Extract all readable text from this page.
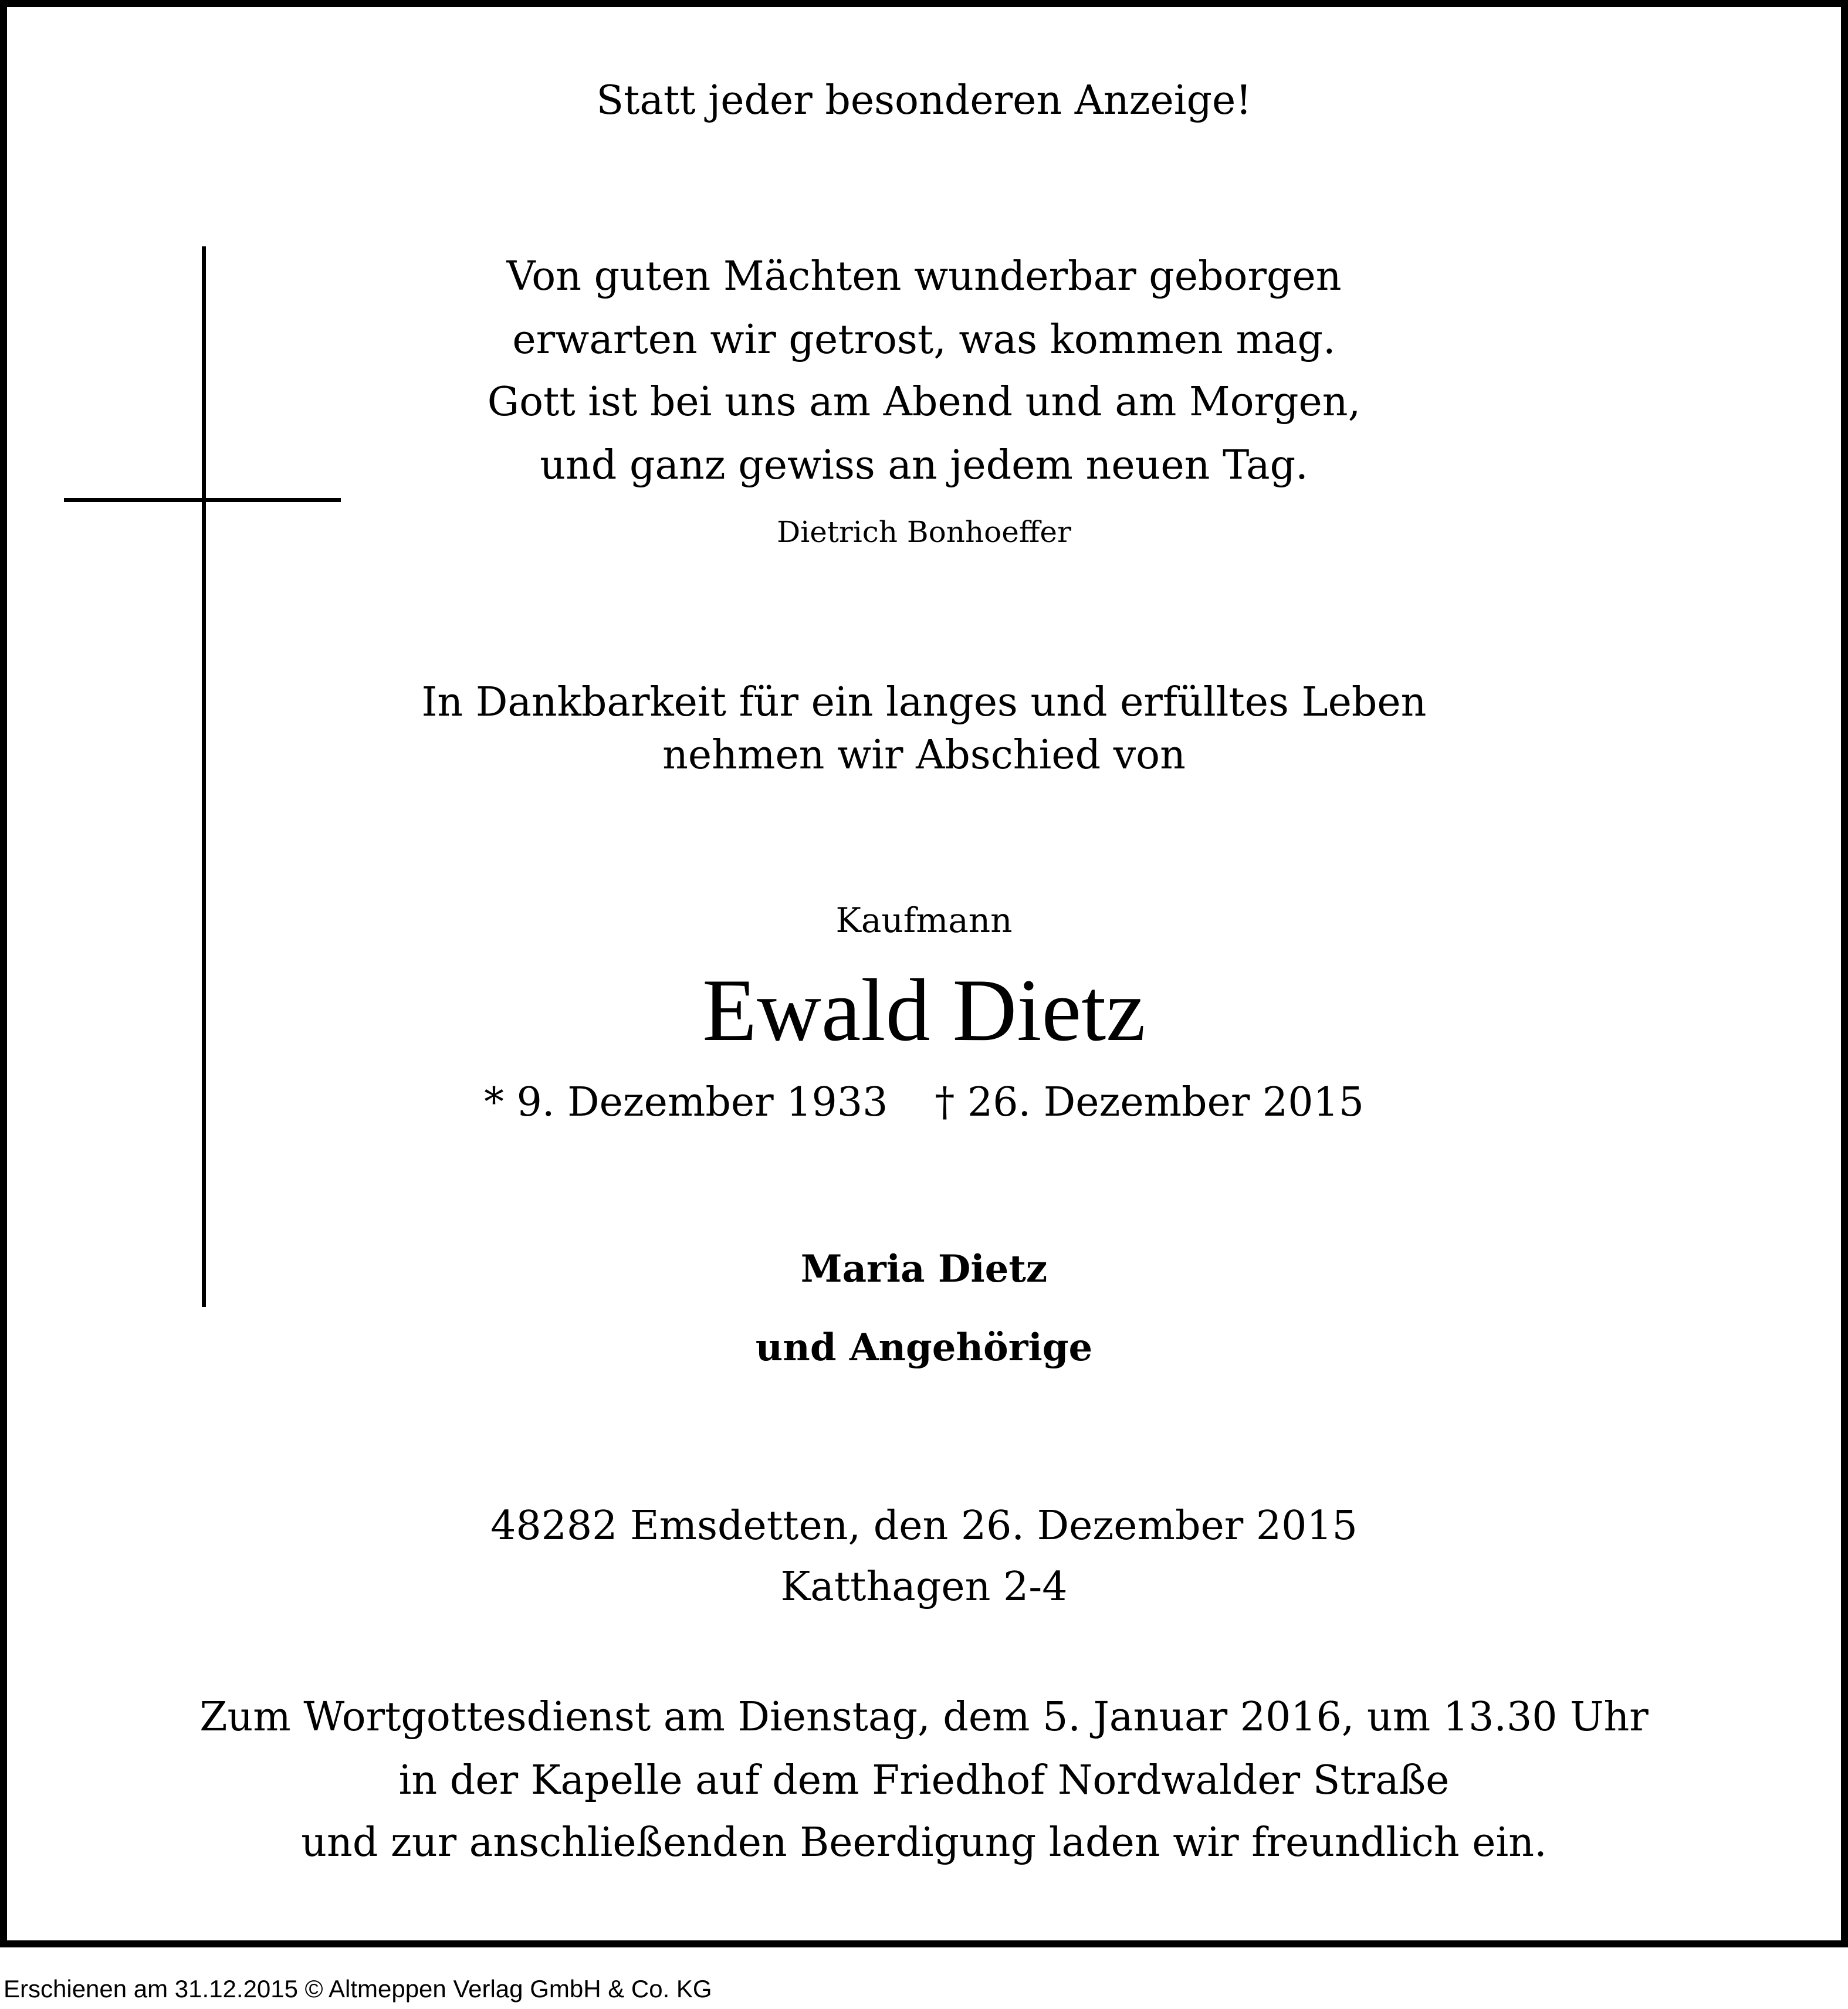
Statt jeder besonderen Anzeige!
Von guten Mächten wunderbar geborgen
erwarten wir getrost, was kommen mag.
Gott ist bei uns am Abend und am Morgen,
und ganz gewiss an jedem neuen Tag.
Dietrich Bonhoeffer
In Dankbarkeit für ein langes und erfülltes Leben
nehmen wir Abschied von
Kaufmann
Ewald Dietz
* 9. Dezember 1933 † 26. Dezember 2015
Maria Dietz
und Angehörige
48282 Emsdetten, den 26. Dezember 2015
Katthagen 2-4
Zum Wortgottesdienst am Dienstag, dem 5. Januar 2016, um 13.30 Uhr
in der Kapelle auf dem Friedhof Nordwalder Straße
und zur anschließenden Beerdigung laden wir freundlich ein.
Erschienen am 31.12.2015 © Altmeppen Verlag GmbH & Co. KG
